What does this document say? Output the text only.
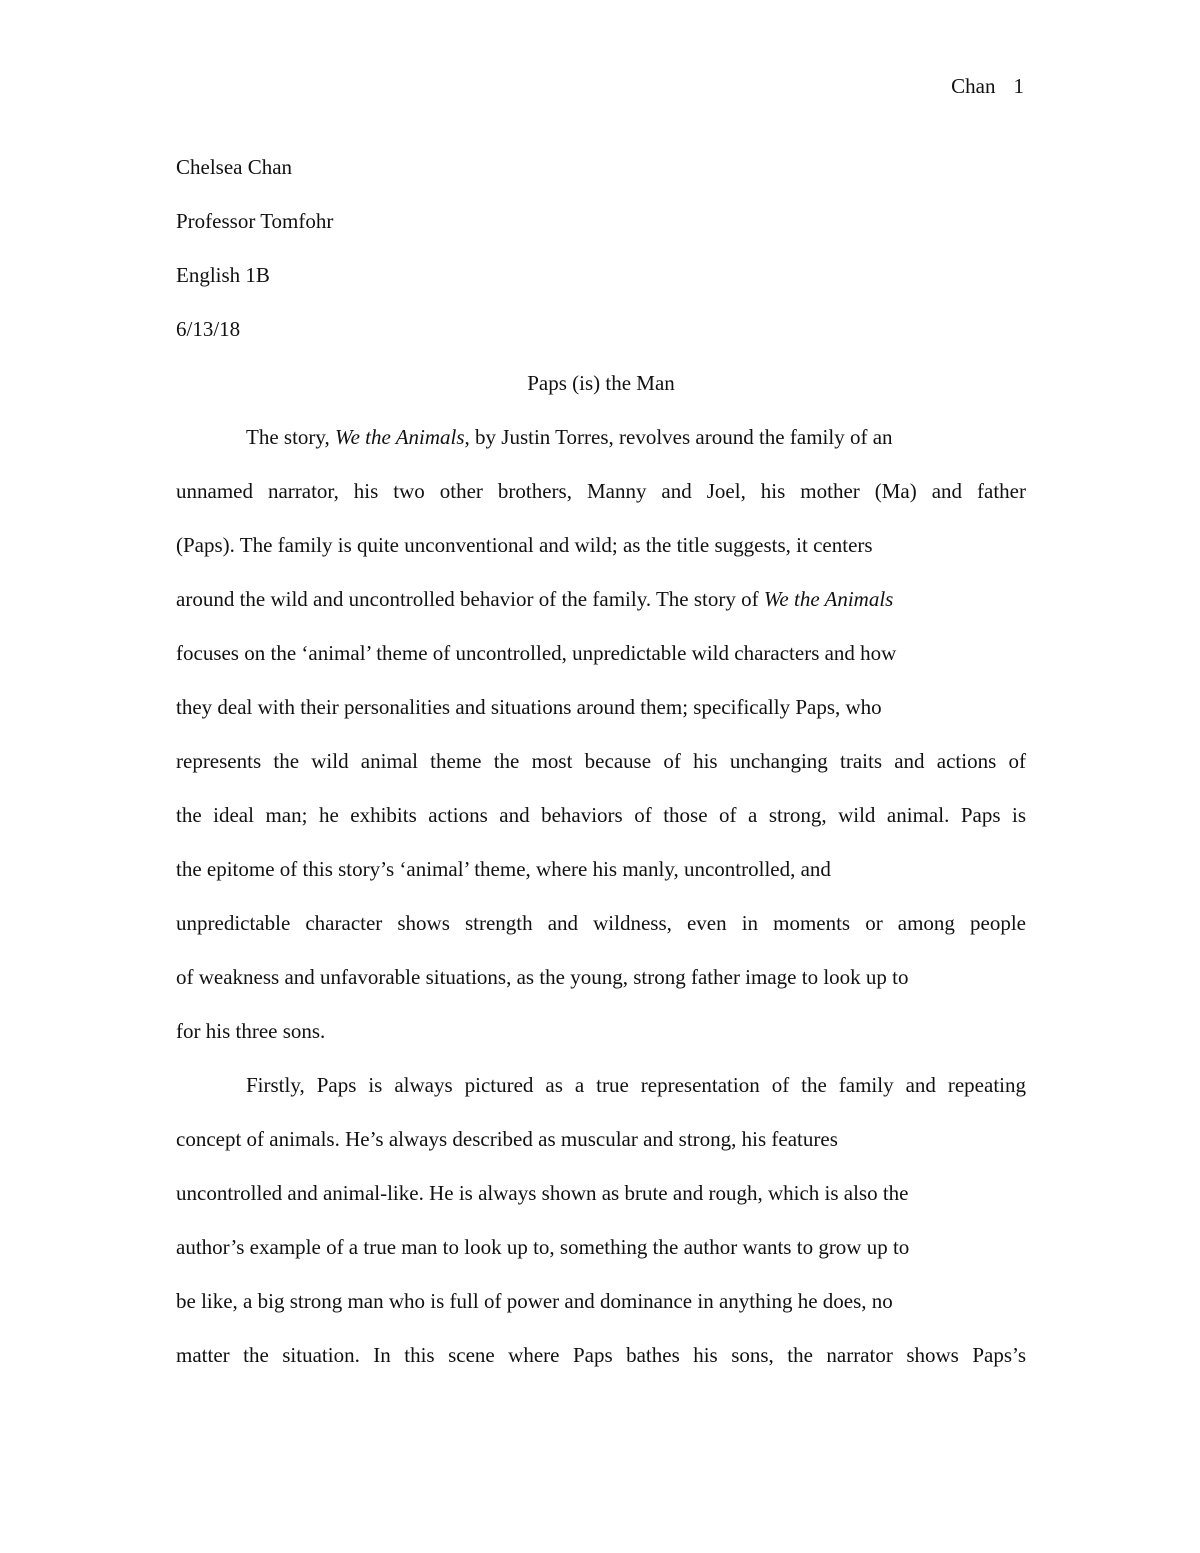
Chan 1

Chelsea Chan

Professor Tomfohr

English 1B

6/13/18

Paps (is) the Man

The story, We the Animals, by Justin Torres, revolves around the family of an

unnamed narrator, his two other brothers, Manny and Joel, his mother (Ma) and father

(Paps). The family is quite unconventional and wild; as the title suggests, it centers

around the wild and uncontrolled behavior of the family. The story of We the Animals

focuses on the ‘animal’ theme of uncontrolled, unpredictable wild characters and how

they deal with their personalities and situations around them; specifically Paps, who

represents the wild animal theme the most because of his unchanging traits and actions of

the ideal man; he exhibits actions and behaviors of those of a strong, wild animal. Paps is

the epitome of this story’s ‘animal’ theme, where his manly, uncontrolled, and

unpredictable character shows strength and wildness, even in moments or among people

of weakness and unfavorable situations, as the young, strong father image to look up to

for his three sons.

Firstly, Paps is always pictured as a true representation of the family and repeating

concept of animals. He’s always described as muscular and strong, his features

uncontrolled and animal-like. He is always shown as brute and rough, which is also the

author’s example of a true man to look up to, something the author wants to grow up to

be like, a big strong man who is full of power and dominance in anything he does, no

matter the situation. In this scene where Paps bathes his sons, the narrator shows Paps’s
